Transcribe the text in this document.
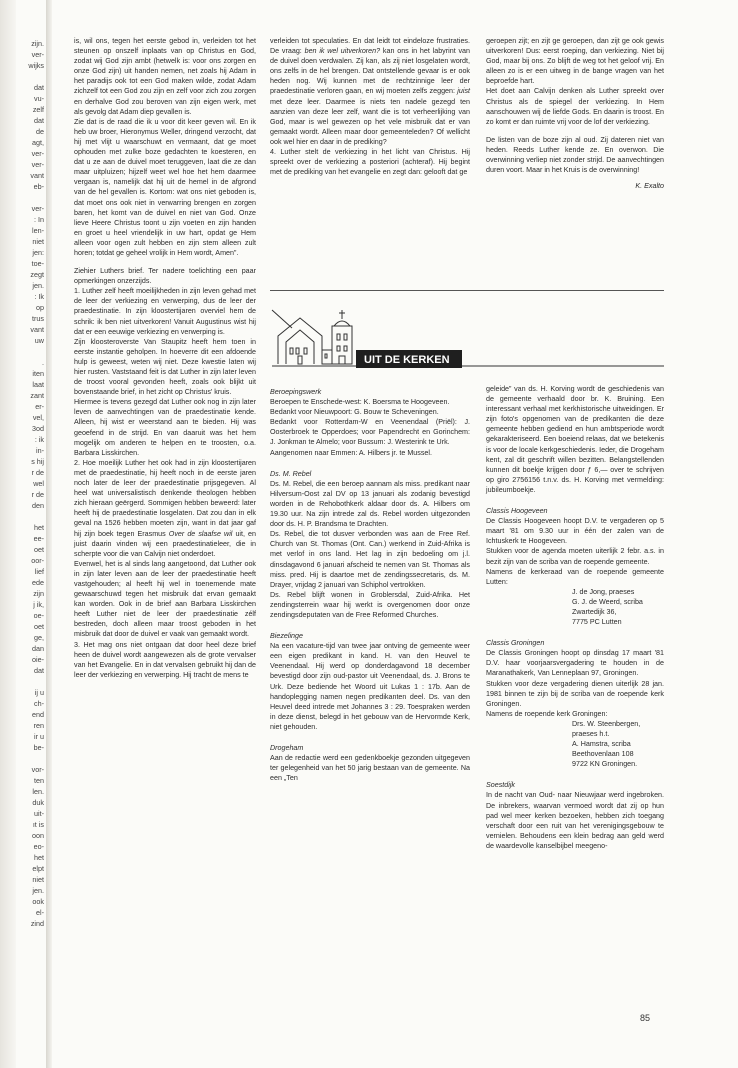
zijn.
ver-
wijks

dat
vu-
zelf
dat
de
agt,
ver-
ver-
vant
eb-

ver-
: In
len-
niet
jen:
toe-
zegt
jen.
: Ik
op
trus
vant
uw

.
iten
laat
zant
er-
vel,
3od
: ik
in-
s hij
r de
wel
r de
den

het
ee-
oet
oor-
lief
ede
zijn
j ik,
oe-
oet
ge,
dan
oie-
dat

ij u
ch-
end
ren
ir u
be-

vor-
ten
len.
duk
uit-
ıt is
oon
eo-
het
elpt
niet
jen.
ook
el-
zind

is, wil ons, tegen het eerste gebod in, verleiden tot het steunen op onszelf inplaats van op Christus en God, zodat wij God zijn ambt (hetwelk is: voor ons zorgen en onze God zijn) uit handen nemen, net zoals hij Adam in het paradijs ook tot een God maken wilde, zodat Adam zichzelf tot een God zou zijn en zelf voor zich zou zorgen en derhalve God zou beroven van zijn eigen werk, met als gevolg dat Adam diep gevallen is.

Zie dat is de raad die ik u voor dit keer geven wil. En ik heb uw broer, Hieronymus Weller, dringend verzocht, dat hij met vlijt u waarschuwt en vermaant, dat ge moet ophouden met zulke boze gedachten te koesteren, en dat u ze aan de duivel moet teruggeven, laat die ze dan maar uitpluizen; hijzelf weet wel hoe het hem daarmee vergaan is, namelijk dat hij uit de hemel in de afgrond van de hel gevallen is. Kortom: wat ons niet geboden is, dat moet ons ook niet in verwarring brengen en zorgen baren, het komt van de duivel en niet van God. Onze lieve Heere Christus toont u zijn voeten en zijn handen en groet u heel vriendelijk in uw hart, opdat ge Hem alleen voor ogen zult hebben en zijn stem alleen zult horen; totdat ge geheel vrolijk in Hem wordt, Amen”.

Ziehier Luthers brief. Ter nadere toelichting een paar opmerkingen onzerzijds.

1. Luther zelf heeft moeilijkheden in zijn leven gehad met de leer der verkiezing en verwerping, dus de leer der praedestinatie. In zijn kloostertijaren overviel hem de schrik: ik ben niet uitverkoren! Vanuit Augustinus wist hij dat er een eeuwige verkiezing en verwerping is.

Zijn kloosteroverste Van Staupitz heeft hem toen in eerste instantie geholpen. In hoeverre dit een afdoende hulp is geweest, weten wij niet. Deze kwestie laten wij hier rusten. Vaststaand feit is dat Luther in zijn later leven de troost vooral gevonden heeft, zoals ook blijkt uit bovenstaande brief, in het zicht op Christus' kruis.

Hiermee is tevens gezegd dat Luther ook nog in zijn later leven de aanvechtingen van de praedestinatie kende. Alleen, hij wist er weerstand aan te bieden. Hij was geoefend in de strijd. En van daaruit was het hem mogelijk om anderen te helpen en te troosten, o.a. Barbara Lisskirchen.

2. Hoe moeilijk Luther het ook had in zijn kloostertijaren met de praedestinatie, hij heeft noch in de eerste jaren noch later de leer der praedestinatie prijsgegeven. Al heel wat universalistisch denkende theologen hebben zich hieraan geërgerd. Sommigen hebben beweerd: later heeft hij de praedestinatie losgelaten. Dat zou dan in elk geval na 1526 hebben moeten zijn, want in dat jaar gaf hij zijn boek tegen Erasmus Over de slaafse wil uit, en juist daarin vinden wij een praedestinatieleer, die in scherpte voor die van Calvijn niet onderdoet.

Evenwel, het is al sinds lang aangetoond, dat Luther ook in zijn later leven aan de leer der praedestinatie heeft vastgehouden; al heeft hij wel in toenemende mate gewaarschuwd tegen het misbruik dat ervan gemaakt kan worden. Ook in de brief aan Barbara Lisskirchen heeft Luther niet de leer der praedestinatie zélf bestreden, doch alleen maar troost geboden in het misbruik dat door de duivel er vaak van gemaakt wordt.

3. Het mag ons niet ontgaan dat door heel deze brief heen de duivel wordt aangewezen als de grote vervalser van het Evangelie. En in dat vervalsen gebruikt hij dan de leer der verkiezing en verwerping. Hij tracht de mens te

verleiden tot speculaties. En dat leidt tot eindeloze frustraties. De vraag: ben ik wel uitverkoren? kan ons in het labyrint van de duivel doen verdwalen. Zij kan, als zij niet losgelaten wordt, ons zelfs in de hel brengen. Dat ontstellende gevaar is er ook heden nog. Wij kunnen met de rechtzinnige leer der praedestinatie verloren gaan, en wij moeten zelfs zeggen: juist met deze leer. Daarmee is niets ten nadele gezegd ten aanzien van deze leer zelf, want die is tot verheerlijking van God, maar is wel gewezen op het vele misbruik dat er van gemaakt wordt. Alleen maar door gemeenteleden? Of wellicht ook wel hier en daar in de prediking?

4. Luther stelt de verkiezing in het licht van Christus. Hij spreekt over de verkiezing a posteriori (achteraf). Hij begint met de prediking van het evangelie en zegt dan: gelooft dat ge

geroepen zijt; en zijt ge geroepen, dan zijt ge ook gewis uitverkoren! Dus: eerst roeping, dan verkiezing. Niet bij God, maar bij ons. Zo blijft de weg tot het geloof vrij. En alleen zo is er een uitweg in de bange vragen van het beproefde hart.

Het doet aan Calvijn denken als Luther spreekt over Christus als de spiegel der verkiezing. In Hem aanschouwen wij de liefde Gods. En daarin is troost. En zo komt er dan ruimte vrij voor de lof der verkiezing.

De listen van de boze zijn al oud. Zij dateren niet van heden. Reeds Luther kende ze. En overwon. Die overwinning verliep niet zonder strijd. De aanvechtingen duren voort. Maar in het Kruis is de overwinning!

K. Exalto

UIT DE KERKEN

Beroepingswerk

Beroepen te Enschede-west: K. Boersma te Hoogeveen.

Bedankt voor Nieuwpoort: G. Bouw te Scheveningen.

Bedankt voor Rotterdam-W en Veenendaal (Priël): J. Oosterbroek te Opperdoes; voor Papendrecht en Gorinchem: J. Jonkman te Almelo; voor Bussum: J. Westerink te Urk.

Aangenomen naar Emmen: A. Hilbers jr. te Mussel.

Ds. M. Rebel

Ds. M. Rebel, die een beroep aannam als miss. predikant naar Hilversum-Oost zal DV op 13 januari als zodanig bevestigd worden in de Rehobothkerk aldaar door ds. A. Hilbers om 19.30 uur. Na zijn intrede zal ds. Rebel worden uitgezonden door ds. H. P. Brandsma te Drachten.

Ds. Rebel, die tot dusver verbonden was aan de Free Ref. Church van St. Thomas (Ont. Can.) werkend in Zuid-Afrika is met verlof in ons land. Het lag in zijn bedoeling om j.l. dinsdagavond 6 januari afscheid te nemen van St. Thomas als miss. pred. Hij is daartoe met de zendingssecretaris, ds. M. Drayer, vrijdag 2 januari van Schiphol vertrokken.

Ds. Rebel blijft wonen in Groblersdal, Zuid-Afrika. Het zendingsterrein waar hij werkt is overgenomen door onze zendingsdeputaten van de Free Reformed Churches.

Biezelinge

Na een vacature-tijd van twee jaar ontving de gemeente weer een eigen predikant in kand. H. van den Heuvel te Veenendaal. Hij werd op donderdagavond 18 december bevestigd door zijn oud-pastor uit Veenendaal, ds. J. Brons te Urk. Deze bediende het Woord uit Lukas 1 : 17b. Aan de handoplegging namen negen predikanten deel. Ds. van den Heuvel deed intrede met Johannes 3 : 29. Toespraken werden in deze dienst, belegd in het gebouw van de Hervormde Kerk, niet gehouden.

Drogeham

Aan de redactie werd een gedenkboekje gezonden uitgegeven ter gelegenheid van het 50 jarig bestaan van de gemeente. Na een „Ten

geleide” van ds. H. Korving wordt de geschiedenis van de gemeente verhaald door br. K. Bruining. Een interessant verhaal met kerkhistorische uitweidingen. Er zijn foto's opgenomen van de predikanten die deze gemeente hebben gediend en hun ambtsperiode wordt gekarakteriseerd. Een boeiend relaas, dat we betekenis is voor de locale kerkgeschiedenis. Ieder, die Drogeham kent, zal dit geschrift willen bezitten. Belangstellenden kunnen dit boekje krijgen door ƒ 6,— over te schrijven op giro 2756156 t.n.v. ds. H. Korving met vermelding: jubileumboekje.

Classis Hoogeveen

De Classis Hoogeveen hoopt D.V. te vergaderen op 5 maart '81 om 9.30 uur in één der zalen van de Ichtuskerk te Hoogeveen.

Stukken voor de agenda moeten uiterlijk 2 febr. a.s. in bezit zijn van de scriba van de roepende gemeente.

Namens de kerkeraad van de roepende gemeente Lutten:

J. de Jong, praeses

G. J. de Weerd, scriba

Zwartedijk 36,

7775 PC Lutten

Classis Groningen

De Classis Groningen hoopt op dinsdag 17 maart '81 D.V. haar voorjaarsvergadering te houden in de Maranathakerk, Van Lenneplaan 97, Groningen.

Stukken voor deze vergadering dienen uiterlijk 28 jan. 1981 binnen te zijn bij de scriba van de roepende kerk Groningen.

Namens de roepende kerk Groningen:

Drs. W. Steenbergen, praeses h.t.

A. Hamstra, scriba

Beethovenlaan 108

9722 KN Groningen.

Soestdijk

In de nacht van Oud- naar Nieuwjaar werd ingebroken. De inbrekers, waarvan vermoed wordt dat zij op hun pad wel meer kerken bezoeken, hebben zich toegang verschaft door een ruit van het verenigingsgebouw te vernielen. Behoudens een klein bedrag aan geld werd de waardevolle kanselbijbel meegeno-

85
